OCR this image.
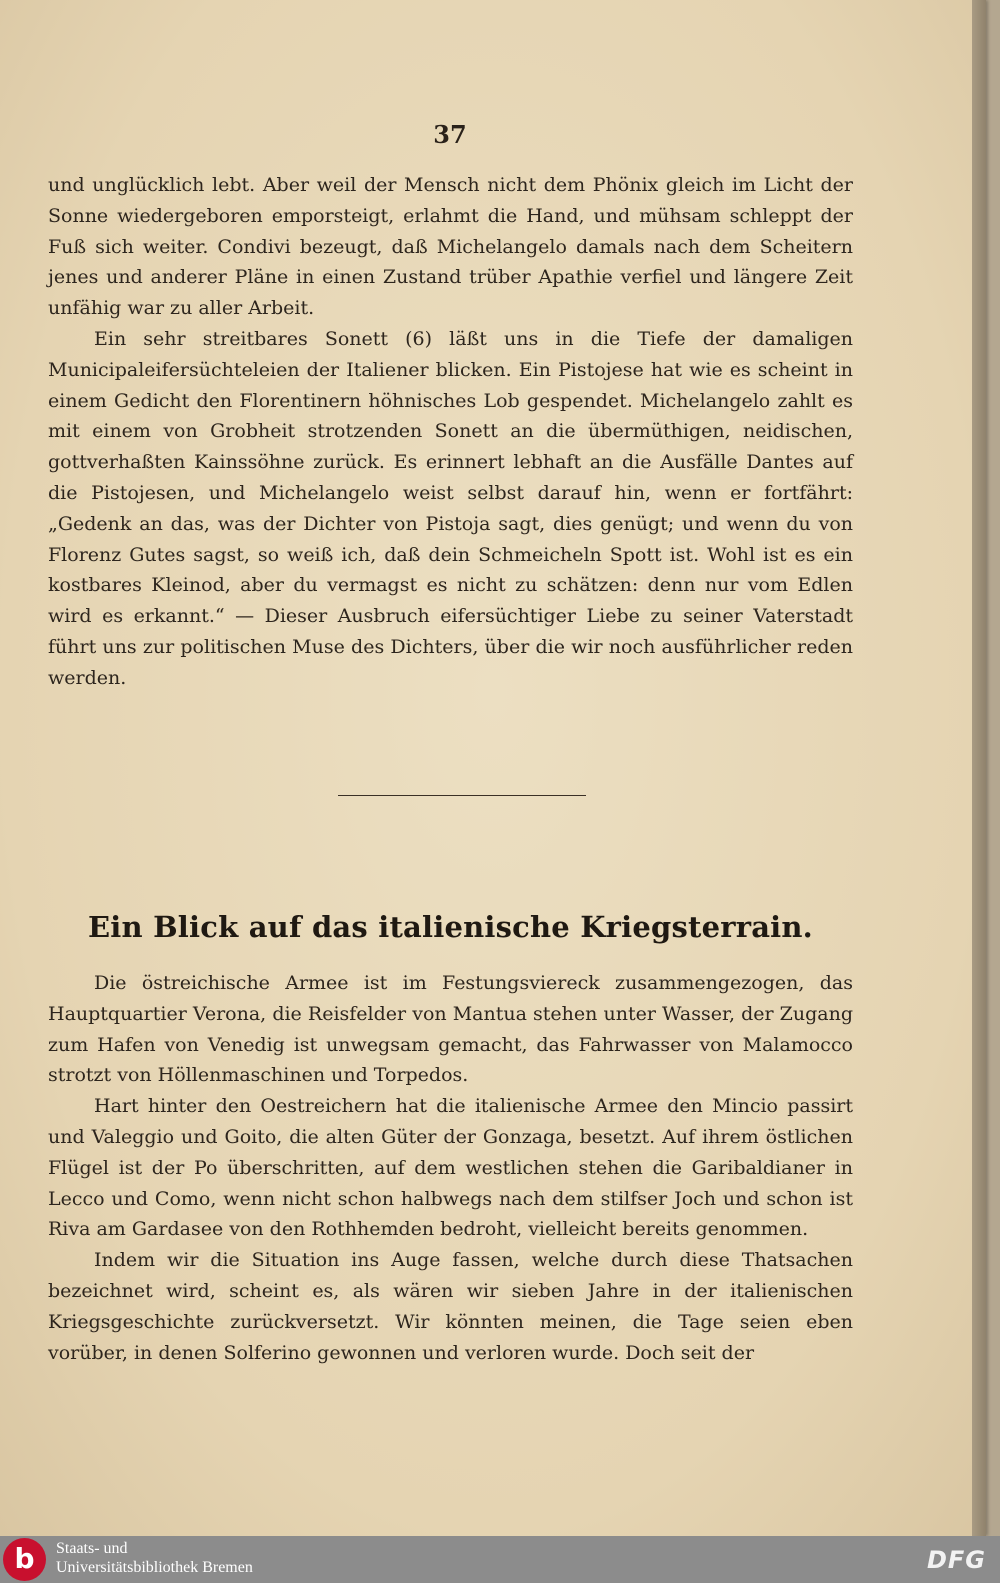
37

und unglücklich lebt. Aber weil der Mensch nicht dem Phönix gleich im Licht der Sonne wiedergeboren emporsteigt, erlahmt die Hand, und mühsam schleppt der Fuß sich weiter. Condivi bezeugt, daß Michelangelo damals nach dem Scheitern jenes und anderer Pläne in einen Zustand trüber Apathie verfiel und längere Zeit unfähig war zu aller Arbeit.

Ein sehr streitbares Sonett (6) läßt uns in die Tiefe der damaligen Municipaleifersüchteleien der Italiener blicken. Ein Pistojese hat wie es scheint in einem Gedicht den Florentinern höhnisches Lob gespendet. Michelangelo zahlt es mit einem von Grobheit strotzenden Sonett an die übermüthigen, neidischen, gottverhaßten Kainssöhne zurück. Es erinnert lebhaft an die Ausfälle Dantes auf die Pistojesen, und Michelangelo weist selbst darauf hin, wenn er fortfährt: „Gedenk an das, was der Dichter von Pistoja sagt, dies genügt; und wenn du von Florenz Gutes sagst, so weiß ich, daß dein Schmeicheln Spott ist. Wohl ist es ein kostbares Kleinod, aber du vermagst es nicht zu schätzen: denn nur vom Edlen wird es erkannt.“ — Dieser Ausbruch eifersüchtiger Liebe zu seiner Vaterstadt führt uns zur politischen Muse des Dichters, über die wir noch ausführlicher reden werden.

Ein Blick auf das italienische Kriegsterrain.

Die östreichische Armee ist im Festungsviereck zusammengezogen, das Hauptquartier Verona, die Reisfelder von Mantua stehen unter Wasser, der Zugang zum Hafen von Venedig ist unwegsam gemacht, das Fahrwasser von Malamocco strotzt von Höllenmaschinen und Torpedos.

Hart hinter den Oestreichern hat die italienische Armee den Mincio passirt und Valeggio und Goito, die alten Güter der Gonzaga, besetzt. Auf ihrem östlichen Flügel ist der Po überschritten, auf dem westlichen stehen die Garibaldianer in Lecco und Como, wenn nicht schon halbwegs nach dem stilfser Joch und schon ist Riva am Gardasee von den Rothhemden bedroht, vielleicht bereits genommen.

Indem wir die Situation ins Auge fassen, welche durch diese Thatsachen bezeichnet wird, scheint es, als wären wir sieben Jahre in der italienischen Kriegsgeschichte zurückversetzt. Wir könnten meinen, die Tage seien eben vorüber, in denen Solferino gewonnen und verloren wurde. Doch seit der

b	Staats- und
Universitätsbibliothek Bremen	DFG
